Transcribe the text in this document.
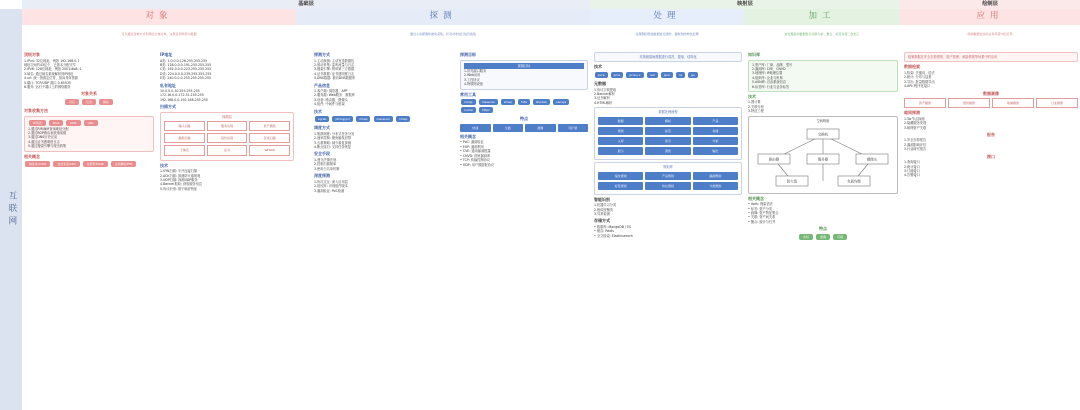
基础层	映射层	绘制层
互联网
对象	探测	处理	加工	应用
可以通过各种方式利用的主体对象，这里仅列举部分数据	通过主动探测和被动采集，针对对象进行信息收集	对探测的原始数据进行清洗、提取和结构化处理	对处理后的数据进行关联分析、聚合、标签化等二次加工	绘制数据在实际业务场景中的应用
顶级对象
1.IPv4: 32位地址，例如 192.168.0.1
地址空间约43亿个，已基本分配完毕
2.IPv6: 128位地址，例如 2001:db8::1
3.域名: 通过域名系统解析到IP地址
4.url: 统一资源定位符，指向具体资源
5.端口: TCP/UDP 端口 0-65535
6.服务: 运行于端口上的网络服务
对象关系
对应	包含	解析
对象收集方法
IP列表	IPv6	DNS	URL
1.通过RIR/NIR查询地址分配
2.通过BGP路由表获取前缀
3.通过DNS历史记录
4.通过证书透明度日志
5.通过搜索引擎与爬虫收集
相关概念
地址块/CIDR	自治系统ASN	注册机构RIR	反向解析PTR
IP地址
A类: 1.0.0.0-126.255.255.255
B类: 128.0.0.0-191.255.255.255
C类: 192.0.0.0-223.255.255.255
D类: 224.0.0.0-239.255.255.255
E类: 240.0.0.0-255.255.255.255
私有地址
10.0.0.0-10.255.255.255
172.16.0.0-172.31.255.255
192.168.0.0-192.168.255.255
扫描方式
探测层
端口扫描	服务识别	资产测绘
漏洞扫描	指纹识别	目录扫描
子域名	证书	WHOIS
技术
1.SYN扫描: 半开连接扫描
2.ACK扫描: 探测防火墙规则
3.UDP扫描: 探测UDP服务
4.Banner抓取: 获取服务信息
5.协议识别: 基于响应特征
探测方式
1.主动探测: 主动发送数据包
2.被动采集: 监听流量与日志
3.搜索引擎: 利用第三方数据
4.证书数据: 证书透明度日志
5.DNS数据: 被动DNS数据库
产品信息
1.客户端: 浏览器、APP
2.服务端: Web服务、数据库
3.设备: 路由器、摄像头
4.组件: 中间件与框架
技术
zgrab	pfring(pc)	zmap	masscan	nmap
调度方式
1.集群调度: 分布式任务分发
2.速率控制: 避免触发封禁
3.去重策略: 减少重复探测
4.断点续扫: 支持任务恢复
安全手段
1.遵守法律法规
2.控制扫描频率
3.使用白名单机制
深度探测
1.协议交互: 深入应用层
2.指纹库: 识别组件版本
3.漏洞验证: PoC检测
探测目标
探测目标
1.常见端口服务
2.Web应用
3.工控协议
4.物联网设备
常用工具
nmap	masscan	zmap	fofa	shodan	censys nuclei	httpx
特点
快速	全面	准确	可扩展
相关概念
• PoC: 漏洞验证
• EXP: 漏洞利用
• CVE: 通用漏洞披露
• CNVD: 国家漏洞库
• TCP: 传输控制协议
• UDP: 用户数据报协议
对探测原始数据进行清洗、提取、结构化
技术
pcre	pcre	pcre++	re2	json	re	go
元数据
1.协议字段提取
2.Banner解析
3.证书解析
4.HTML解析
数据处理流程
数据	解析	产品
规则	标签	存储
入库	索引	分析
展示	清洗	输出
规则库
指纹规则	产品规则	漏洞规则
标签规则	协议规则	分类规则
智能识别
1.机器学习分类
2.相似度聚类
3.异常检测
存储方式
• 数据库: MongoDB / ES
• 缓存: Redis
• 全文检索: Elasticsearch
知识库
1.资产库: 厂商、品牌、型号
2.漏洞库: CVE、CNVD
3.地理库: IP地理位置
4.组织库: 企业与机构
5.ASN库: 自治系统信息
6.标签库: 行业与业务标签
技术
1.图计算
2.关联分析
3.特征工程
空间映射
交换机
路由器	服务器	摄像头
防火墙	负载均衡
相关概念
• dork: 搜索语法
• 标签: 资产分类
• 画像: 资产特征集合
• 关联: 资产间关系
• 聚合: 统计与归并
特点
实时	准确	可视
绘制数据在安全态势感知、资产管理、威胁情报等场景中的应用
数据检索
1.检索: 关键词、语法
2.统计: 分布与趋势
3.导出: 批量数据导出
4.API: 程序化接口
数据画像
资产画像	组织画像	地域画像	行业画像
暗网探测
1.Tor节点探测
2.隐藏服务发现
3.暗网资产关联
报告
1.安全态势报告
2.漏洞影响评估
3.行业研究报告
接口
1.查询接口
2.统计接口
3.订阅接口
4.告警接口
